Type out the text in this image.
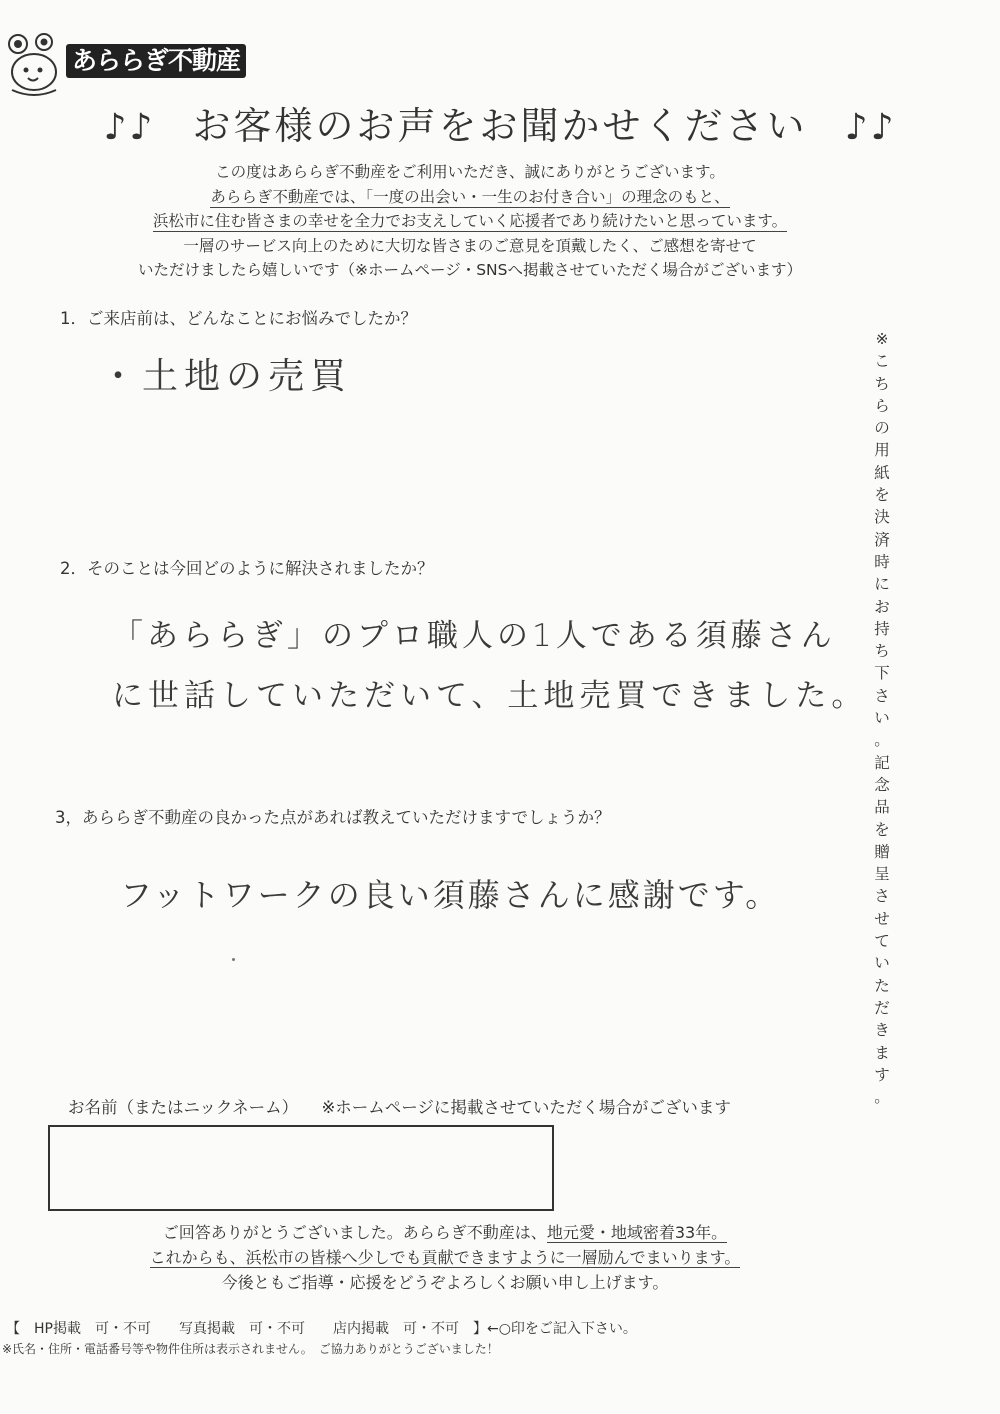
あららぎ不動産
♪♪ お客様のお声をお聞かせください ♪♪
この度はあららぎ不動産をご利用いただき、誠にありがとうございます。
あららぎ不動産では、「一度の出会い・一生のお付き合い」の理念のもと、
浜松市に住む皆さまの幸せを全力でお支えしていく応援者であり続けたいと思っています。
一層のサービス向上のために大切な皆さまのご意見を頂戴したく、ご感想を寄せて
いただけましたら嬉しいです（※ホームページ・SNSへ掲載させていただく場合がございます）
1．ご来店前は、どんなことにお悩みでしたか？
・土地の売買
2．そのことは今回どのように解決されましたか？
「あららぎ」のプロ職人の1人である須藤さん
に世話していただいて、土地売買できました。
3，あららぎ不動産の良かった点があれば教えていただけますでしょうか？
フットワークの良い須藤さんに感謝です。
※
こ
ち
ら
の
用
紙
を
決
済
時
に
お
持
ち
下
さ
い
。
記
念
品
を
贈
呈
さ
せ
て
い
た
だ
き
ま
す
。
お名前（またはニックネーム） ※ホームページに掲載させていただく場合がございます
ご回答ありがとうございました。あららぎ不動産は、地元愛・地域密着33年。
これからも、浜松市の皆様へ少しでも貢献できますように一層励んでまいります。
今後ともご指導・応援をどうぞよろしくお願い申し上げます。
【　HP掲載　可・不可　　写真掲載　可・不可　　店内掲載　可・不可　】←○印をご記入下さい。
※氏名・住所・電話番号等や物件住所は表示されません。　ご協力ありがとうございました！
